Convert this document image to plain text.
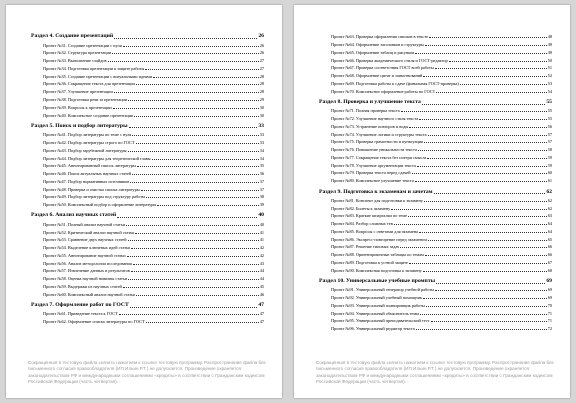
Раздел 4. Создание презентаций	26
Проект №31. Создание презентации с нуля	26
Проект №32. Структура презентации	26
Проект №33. Выполнение слайдов	27
Проект №34. Подготовка презентации к защите работы	27
Проект №35. Создание презентации с визуальными идеями	28
Проект №36. Сокращение текста для презентации	28
Проект №37. Улучшение презентации	28
Проект №38. Подготовка речи за презентации	29
Проект №39. Вопросы к презентации	30
Проект №40. Комплексное создание презентации	30
Раздел 5. Поиск и подбор литературы	33
Проект №41. Подбор литературы по теме с нуля	33
Проект №42. Подбор литературы строго по ГОСТ	33
Проект №43. Подбор зарубежной литературы	34
Проект №44. Подбор литературы для теоретической главы	34
Проект №45. Аннотированный список литературы	35
Проект №46. Поиск актуальных научных статей	36
Проект №47. Подбор нормативных источников	37
Проект №48. Проверка и очистка списка литературы	37
Проект №49. Подбор литературы под структуру работы	38
Проект №50. Комплексный подбор и оформление литературы	39
Раздел 6. Анализ научных статей	40
Проект №51. Полный анализ научной статьи	40
Проект №52. Критический анализ научной статьи	41
Проект №53. Сравнение двух научных статей	41
Проект №54. Выделение ключевых идей статьи	42
Проект №55. Аннотирование научной статьи	42
Проект №56. Анализ методологии исследования	43
Проект №57. Извлечение данных и результатов	44
Проект №58. Оценка научной новизны статьи	44
Проект №59. Выдержки из научных статей	45
Проект №60. Комплексный анализ научной статьи	46
Раздел 7. Оформление работ по ГОСТ	47
Проект №61. Приведение текста к ГОСТ	47
Проект №62. Оформление списка литературы по ГОСТ	47
Сокращенная в тестовую файла скачать нажатием к ссылке тестовую программу. Распространение файла без письменного согласия правообладателя (ИП Ильин Р.Т.) не допускается. Произведение охраняется законодательством РФ и международными соглашениями «кредиты» в соответствии с Гражданским кодексом Российской Федерации (часть четвертая).
Проект №63. Проверка оформления списков в тексте	48
Проект №64. Оформление заголовков и структуры	49
Проект №65. Оформление таблиц и рисунков	49
Проект №66. Проверка академического стиля и ГОСТ-редактор	50
Проект №67. Проверка соответствия ГОСТ всей работы	51
Проект №68. Оформление цитат и заимствований	52
Проект №69. Подготовка работы к сдаче (финальная ГОСТ-проверка)	53
Проект №70. Комплексное оформление работы по ГОСТ	54
Раздел 8. Проверка и улучшение текста	55
Проект №71. Полная проверка текста	55
Проект №72. Улучшение научного стиля текста	55
Проект №73. Устранение повторов и воды	56
Проект №74. Улучшение логики и структуры текста	57
Проект №75. Проверка грамотности и пунктуации	57
Проект №76. Повышение уникальности текста	58
Проект №77. Сокращение текста без потери смысла	59
Проект №78. Улучшение аргументации текста	59
Проект №79. Проверка текста перед сдачей	60
Проект №80. Комплексное улучшение текста	61
Раздел 9. Подготовка к экзаменам и зачетам	62
Проект №81. Конспект для подготовки к экзамену	62
Проект №82. Билеты к экзамену	62
Проект №83. Краткие шпаргалки по теме	63
Проект №84. Разбор сложных тем	64
Проект №85. Вопросы с ответами для экзамена	64
Проект №86. Экспресс-повторение перед экзаменом	65
Проект №87. Решение типовых задач	66
Проект №88. Ориентировочные таблицы по темам	66
Проект №89. Подготовка к устной защите	67
Проект №90. Комплексная подготовка к экзамену	68
Раздел 10. Универсальные учебные промпты	69
Проект №91. Универсальный генератор учебной работы	69
Проект №92. Универсальный учебный помощник	69
Проект №93. Универсальный планировщик работы	70
Проект №94. Универсальный объяснитель темы	71
Проект №95. Универсальный преподавательский тест	71
Проект №96. Универсальный редактор текста	72
Сокращенная в тестовую файла скачать нажатием к ссылке тестовую программу. Распространение файла без письменного согласия правообладателя (ИП Ильин Р.Т.) не допускается. Произведение охраняется законодательством РФ и международными соглашениями «кредиты» в соответствии с Гражданским кодексом Российской Федерации (часть четвертая).
